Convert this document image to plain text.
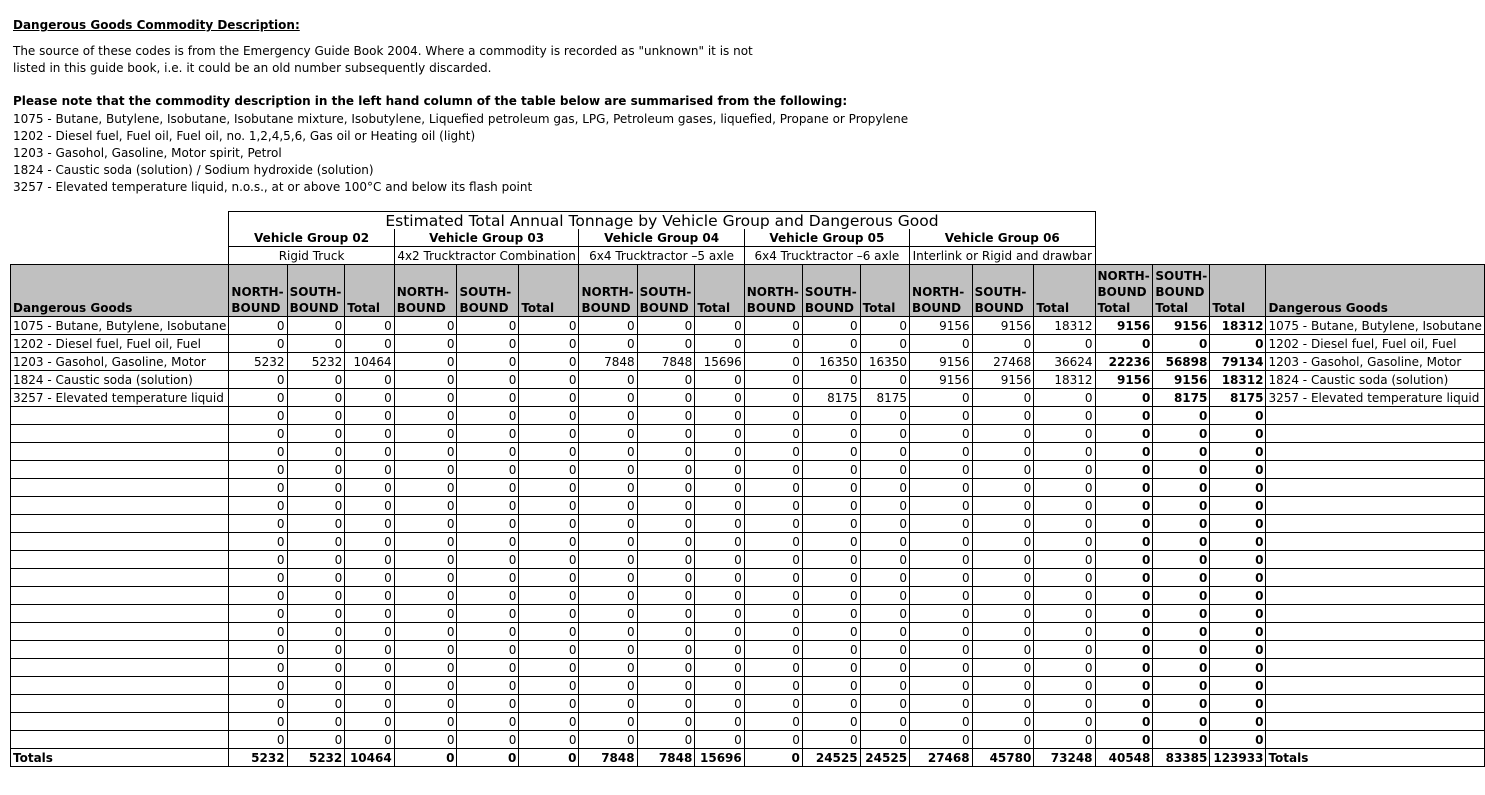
Dangerous Goods Commodity Description:
The source of these codes is from the Emergency Guide Book 2004. Where a commodity is recorded as "unknown" it is not
listed in this guide book, i.e. it could be an old number subsequently discarded.
Please note that the commodity description in the left hand column of the table below are summarised from the following:
1075 - Butane, Butylene, Isobutane, Isobutane mixture, Isobutylene, Liquefied petroleum gas, LPG, Petroleum gases, liquefied, Propane or Propylene
1202 - Diesel fuel, Fuel oil, Fuel oil, no. 1,2,4,5,6, Gas oil or Heating oil (light)
1203 - Gasohol, Gasoline, Motor spirit, Petrol
1824 - Caustic soda (solution) / Sodium hydroxide (solution)
3257 - Elevated temperature liquid, n.o.s., at or above 100°C and below its flash point
	Estimated Total Annual Tonnage by Vehicle Group and Dangerous Good																		
	Vehicle Group 02			Vehicle Group 03			Vehicle Group 04			Vehicle Group 05			Vehicle Group 06						
	Rigid Truck			4x2 Trucktractor Combination			6x4 Trucktractor –5 axle			6x4 Trucktractor –6 axle			Interlink or Rigid and drawbar						
Dangerous Goods	NORTH-BOUND	SOUTH-BOUND	Total	NORTH-BOUND	SOUTH-BOUND	Total	NORTH-BOUND	SOUTH-BOUND	Total	NORTH-BOUND	SOUTH-BOUND	Total	NORTH-BOUND	SOUTH-BOUND	Total	NORTH-BOUND Total	SOUTH-BOUND Total	Total	Dangerous Goods
1075 - Butane, Butylene, Isobutane	0	0	0	0	0	0	0	0	0	0	0	0	9156	9156	18312	9156	9156	18312	1075 - Butane, Butylene, Isobutane
1202 - Diesel fuel, Fuel oil, Fuel	0	0	0	0	0	0	0	0	0	0	0	0	0	0	0	0	0	0	1202 - Diesel fuel, Fuel oil, Fuel
1203 - Gasohol, Gasoline, Motor	5232	5232	10464	0	0	0	7848	7848	15696	0	16350	16350	9156	27468	36624	22236	56898	79134	1203 - Gasohol, Gasoline, Motor
1824 - Caustic soda (solution)	0	0	0	0	0	0	0	0	0	0	0	0	9156	9156	18312	9156	9156	18312	1824 - Caustic soda (solution)
3257 - Elevated temperature liquid	0	0	0	0	0	0	0	0	0	0	8175	8175	0	0	0	0	8175	8175	3257 - Elevated temperature liquid
	0	0	0	0	0	0	0	0	0	0	0	0	0	0	0	0	0	0	
	0	0	0	0	0	0	0	0	0	0	0	0	0	0	0	0	0	0	
	0	0	0	0	0	0	0	0	0	0	0	0	0	0	0	0	0	0	
	0	0	0	0	0	0	0	0	0	0	0	0	0	0	0	0	0	0	
	0	0	0	0	0	0	0	0	0	0	0	0	0	0	0	0	0	0	
	0	0	0	0	0	0	0	0	0	0	0	0	0	0	0	0	0	0	
	0	0	0	0	0	0	0	0	0	0	0	0	0	0	0	0	0	0	
	0	0	0	0	0	0	0	0	0	0	0	0	0	0	0	0	0	0	
	0	0	0	0	0	0	0	0	0	0	0	0	0	0	0	0	0	0	
	0	0	0	0	0	0	0	0	0	0	0	0	0	0	0	0	0	0	
	0	0	0	0	0	0	0	0	0	0	0	0	0	0	0	0	0	0	
	0	0	0	0	0	0	0	0	0	0	0	0	0	0	0	0	0	0	
	0	0	0	0	0	0	0	0	0	0	0	0	0	0	0	0	0	0	
	0	0	0	0	0	0	0	0	0	0	0	0	0	0	0	0	0	0	
	0	0	0	0	0	0	0	0	0	0	0	0	0	0	0	0	0	0	
	0	0	0	0	0	0	0	0	0	0	0	0	0	0	0	0	0	0	
	0	0	0	0	0	0	0	0	0	0	0	0	0	0	0	0	0	0	
	0	0	0	0	0	0	0	0	0	0	0	0	0	0	0	0	0	0	
	0	0	0	0	0	0	0	0	0	0	0	0	0	0	0	0	0	0	
Totals	5232	5232	10464	0	0	0	7848	7848	15696	0	24525	24525	27468	45780	73248	40548	83385	123933	Totals
